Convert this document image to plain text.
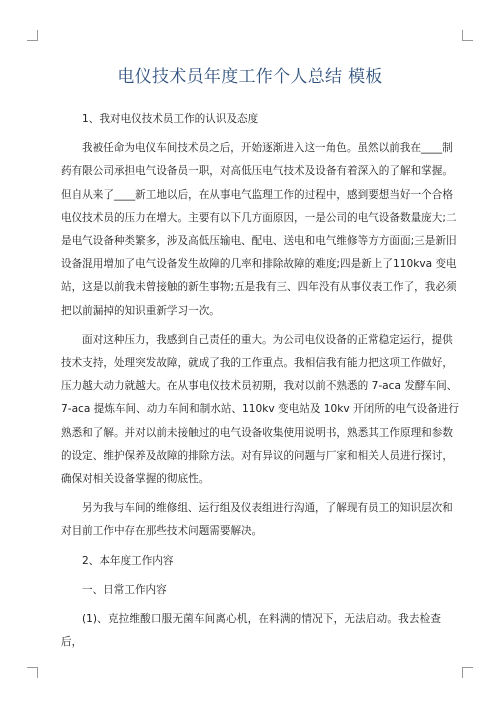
电仪技术员年度工作个人总结 模板

1、我对电仪技术员工作的认识及态度

我被任命为电仪车间技术员之后，开始逐渐进入这一角色。虽然以前我在____制
药有限公司承担电气设备员一职，对高低压电气技术及设备有着深入的了解和掌握。
但自从来了____新工地以后，在从事电气监理工作的过程中，感到要想当好一个合格
电仪技术员的压力在增大。主要有以下几方面原因，一是公司的电气设备数量庞大;二
是电气设备种类繁多，涉及高低压输电、配电、送电和电气维修等方方面面;三是新旧
设备混用增加了电气设备发生故障的几率和排除故障的难度;四是新上了110kva 变电
站，这是以前我未曾接触的新生事物;五是我有三、四年没有从事仪表工作了，我必须
把以前漏掉的知识重新学习一次。

面对这种压力，我感到自己责任的重大。为公司电仪设备的正常稳定运行，提供
技术支持，处理突发故障，就成了我的工作重点。我相信我有能力把这项工作做好，
压力越大动力就越大。在从事电仪技术员初期，我对以前不熟悉的 7-aca 发酵车间、
7-aca 提炼车间、动力车间和制水站、110kv 变电站及 10kv 开闭所的电气设备进行
熟悉和了解。并对以前未接触过的电气设备收集使用说明书，熟悉其工作原理和参数
的设定、维护保养及故障的排除方法。对有异议的问题与厂家和相关人员进行探讨，
确保对相关设备掌握的彻底性。

另为我与车间的维修组、运行组及仪表组进行沟通，了解现有员工的知识层次和
对目前工作中存在那些技术问题需要解决。

2、本年度工作内容

一、日常工作内容

(1)、克拉维酸口服无菌车间离心机，在料满的情况下，无法启动。我去检查后，
